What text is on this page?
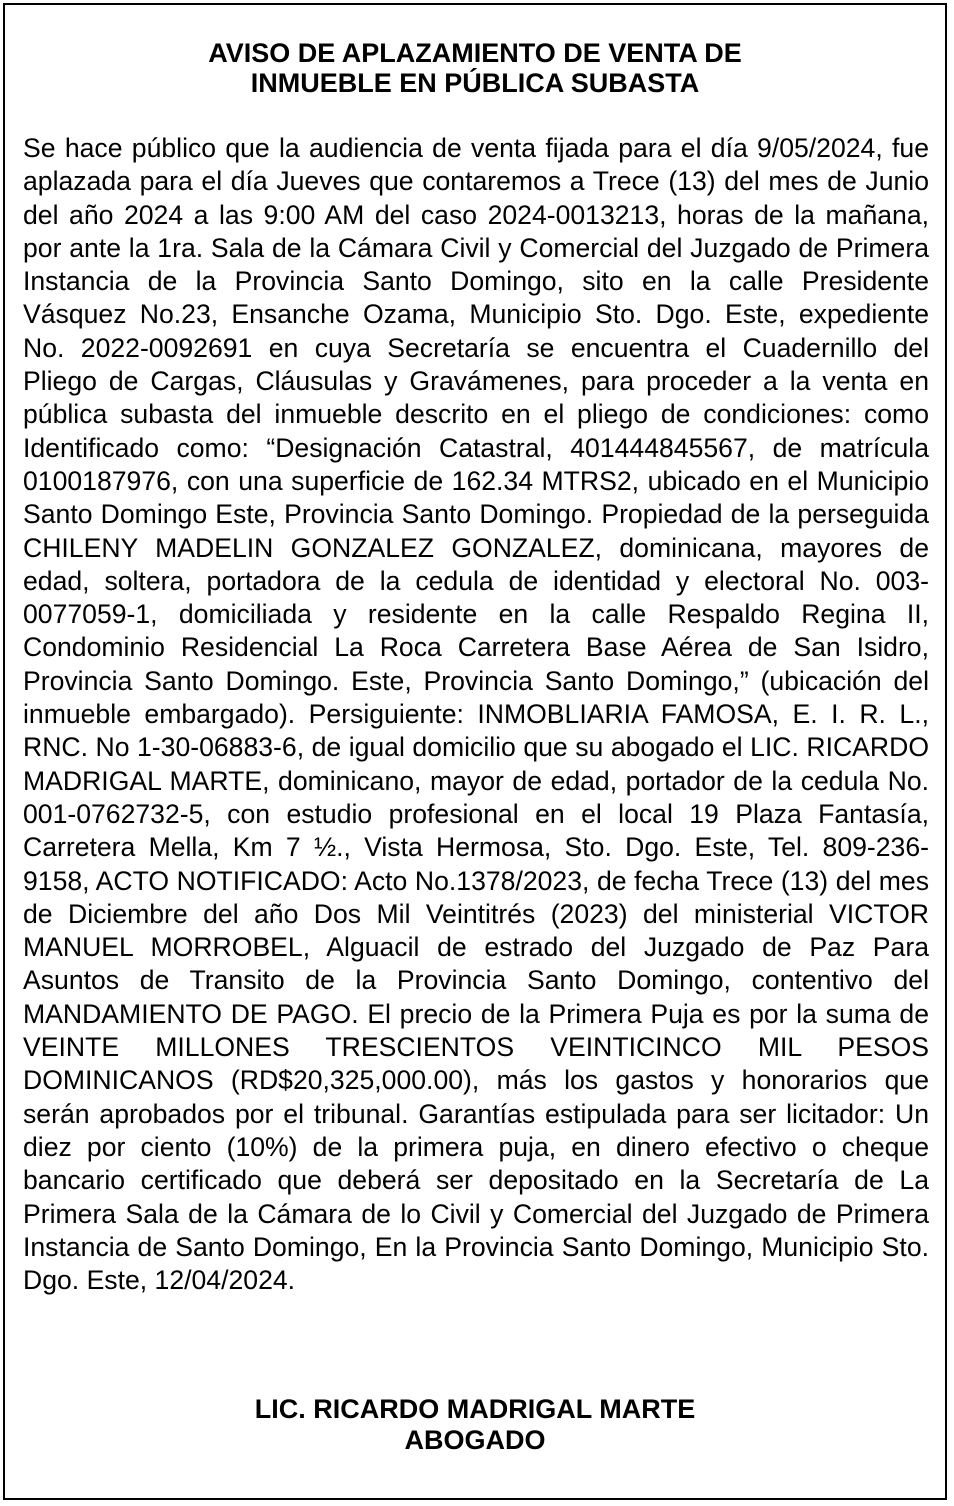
AVISO DE APLAZAMIENTO DE VENTA DE
INMUEBLE EN PÚBLICA SUBASTA

Se hace público que la audiencia de venta fijada para el día 9/05/2024, fue aplazada para el día Jueves que contaremos a Trece (13) del mes de Junio del año 2024 a las 9:00 AM del caso 2024-0013213, horas de la mañana, por ante la 1ra. Sala de la Cámara Civil y Comercial del Juzgado de Primera Instancia de la Provincia Santo Domingo, sito en la calle Presidente Vásquez No.23, Ensanche Ozama, Municipio Sto. Dgo. Este, expediente No. 2022-0092691 en cuya Secretaría se encuentra el Cuadernillo del Pliego de Cargas, Cláusulas y Gravámenes, para proceder a la venta en pública subasta del inmueble descrito en el pliego de condiciones: como Identificado como: “Designación Catastral, 401444845567, de matrícula 0100187976, con una superficie de 162.34 MTRS2, ubicado en el Municipio Santo Domingo Este, Provincia Santo Domingo. Propiedad de la perseguida CHILENY MADELIN GONZALEZ GONZALEZ, dominicana, mayores de edad, soltera, portadora de la cedula de identidad y electoral No. 003-0077059-1, domiciliada y residente en la calle Respaldo Regina II, Condominio Residencial La Roca Carretera Base Aérea de San Isidro, Provincia Santo Domingo. Este, Provincia Santo Domingo,” (ubicación del inmueble embargado). Persiguiente: INMOBLIARIA FAMOSA, E. I. R. L., RNC. No 1-30-06883-6, de igual domicilio que su abogado el LIC. RICARDO MADRIGAL MARTE, dominicano, mayor de edad, portador de la cedula No. 001-0762732-5, con estudio profesional en el local 19 Plaza Fantasía, Carretera Mella, Km 7 ½., Vista Hermosa, Sto. Dgo. Este, Tel. 809-236-9158, ACTO NOTIFICADO: Acto No.1378/2023, de fecha Trece (13) del mes de Diciembre del año Dos Mil Veintitrés (2023) del ministerial VICTOR MANUEL MORROBEL, Alguacil de estrado del Juzgado de Paz Para Asuntos de Transito de la Provincia Santo Domingo, contentivo del MANDAMIENTO DE PAGO. El precio de la Primera Puja es por la suma de VEINTE MILLONES TRESCIENTOS VEINTICINCO MIL PESOS DOMINICANOS (RD$20,325,000.00), más los gastos y honorarios que serán aprobados por el tribunal. Garantías estipulada para ser licitador: Un diez por ciento (10%) de la primera puja, en dinero efectivo o cheque bancario certificado que deberá ser depositado en la Secretaría de La Primera Sala de la Cámara de lo Civil y Comercial del Juzgado de Primera Instancia de Santo Domingo, En la Provincia Santo Domingo, Municipio Sto. Dgo. Este, 12/04/2024.

LIC. RICARDO MADRIGAL MARTE
ABOGADO
